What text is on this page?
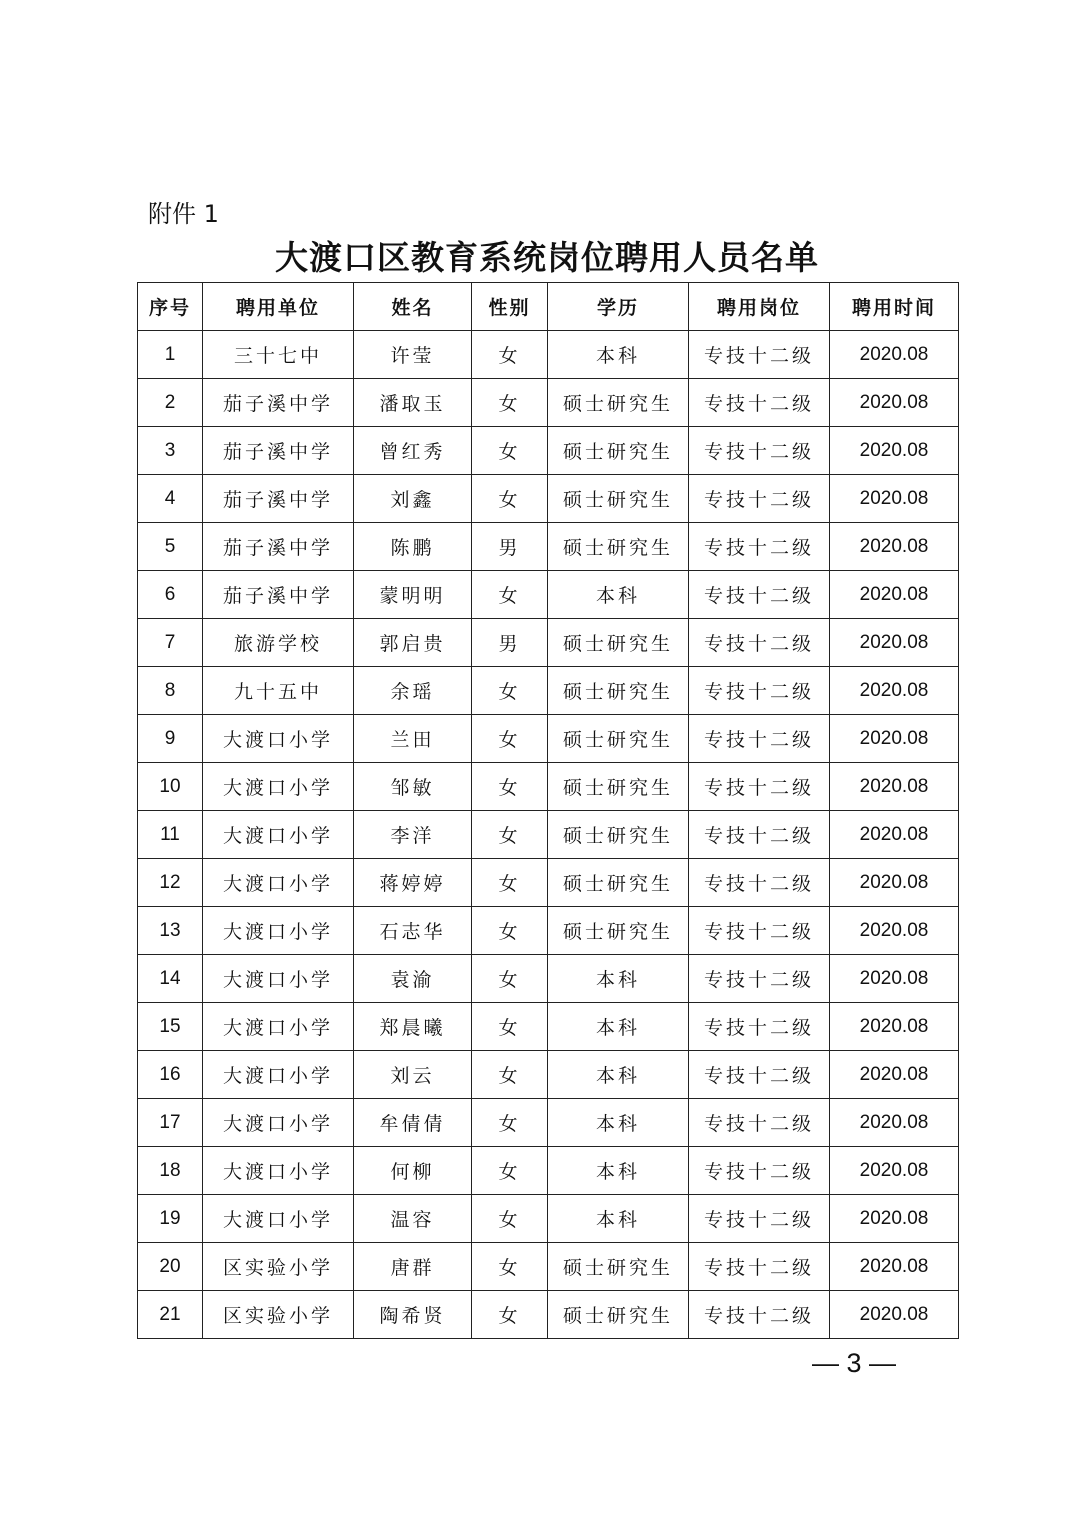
附件 1
大渡口区教育系统岗位聘用人员名单
序号	聘用单位	姓名	性别	学历	聘用岗位	聘用时间
1	三十七中	许莹	女	本科	专技十二级	2020.08
2	茄子溪中学	潘取玉	女	硕士研究生	专技十二级	2020.08
3	茄子溪中学	曾红秀	女	硕士研究生	专技十二级	2020.08
4	茄子溪中学	刘鑫	女	硕士研究生	专技十二级	2020.08
5	茄子溪中学	陈鹏	男	硕士研究生	专技十二级	2020.08
6	茄子溪中学	蒙明明	女	本科	专技十二级	2020.08
7	旅游学校	郭启贵	男	硕士研究生	专技十二级	2020.08
8	九十五中	余瑶	女	硕士研究生	专技十二级	2020.08
9	大渡口小学	兰田	女	硕士研究生	专技十二级	2020.08
10	大渡口小学	邹敏	女	硕士研究生	专技十二级	2020.08
11	大渡口小学	李洋	女	硕士研究生	专技十二级	2020.08
12	大渡口小学	蒋婷婷	女	硕士研究生	专技十二级	2020.08
13	大渡口小学	石志华	女	硕士研究生	专技十二级	2020.08
14	大渡口小学	袁渝	女	本科	专技十二级	2020.08
15	大渡口小学	郑晨曦	女	本科	专技十二级	2020.08
16	大渡口小学	刘云	女	本科	专技十二级	2020.08
17	大渡口小学	牟倩倩	女	本科	专技十二级	2020.08
18	大渡口小学	何柳	女	本科	专技十二级	2020.08
19	大渡口小学	温容	女	本科	专技十二级	2020.08
20	区实验小学	唐群	女	硕士研究生	专技十二级	2020.08
21	区实验小学	陶希贤	女	硕士研究生	专技十二级	2020.08
— 3 —
